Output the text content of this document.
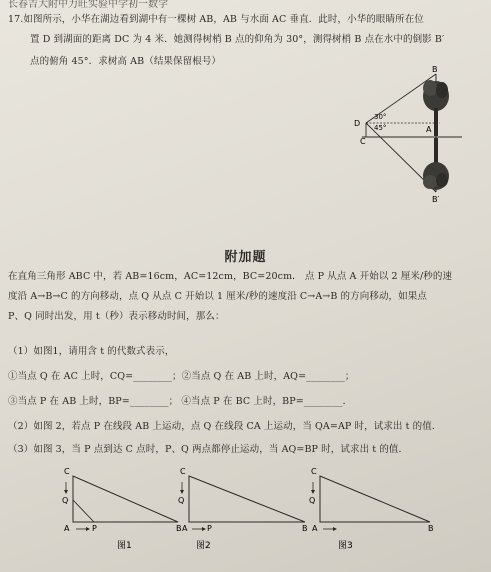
长春吉大附中力旺实验中学初一数学
17.如图所示，小华在湖边看到湖中有一棵树 AB，AB 与水面 AC 垂直．此时，小华的眼睛所在位
置 D 到湖面的距离 DC 为 4 米．她测得树梢 B 点的仰角为 30°，测得树梢 B 点在水中的倒影 B′
点的俯角 45°．求树高 AB（结果保留根号）
B
D
C
A
B′
30°
45°
附加题
在直角三角形 ABC 中，若 AB=16cm，AC=12cm，BC=20cm． 点 P 从点 A 开始以 2 厘米/秒的速
度沿 A→B→C 的方向移动，点 Q 从点 C 开始以 1 厘米/秒的速度沿 C→A→B 的方向移动，如果点
P、Q 同时出发，用 t（秒）表示移动时间，那么：
（1）如图1，请用含 t 的代数式表示，
①当点 Q 在 AC 上时，CQ=________；②当点 Q 在 AB 上时，AQ=________；
③当点 P 在 AB 上时，BP=________； ④当点 P 在 BC 上时，BP=________．
（2）如图 2，若点 P 在线段 AB 上运动，点 Q 在线段 CA 上运动，当 QA=AP 时，试求出 t 的值．
（3）如图 3，当 P 点到达 C 点时，P、Q 两点都停止运动，当 AQ=BP 时，试求出 t 的值．
C
Q
A	P	B
图1
C
Q
A P	B
图2
C
Q
A	B
图3
